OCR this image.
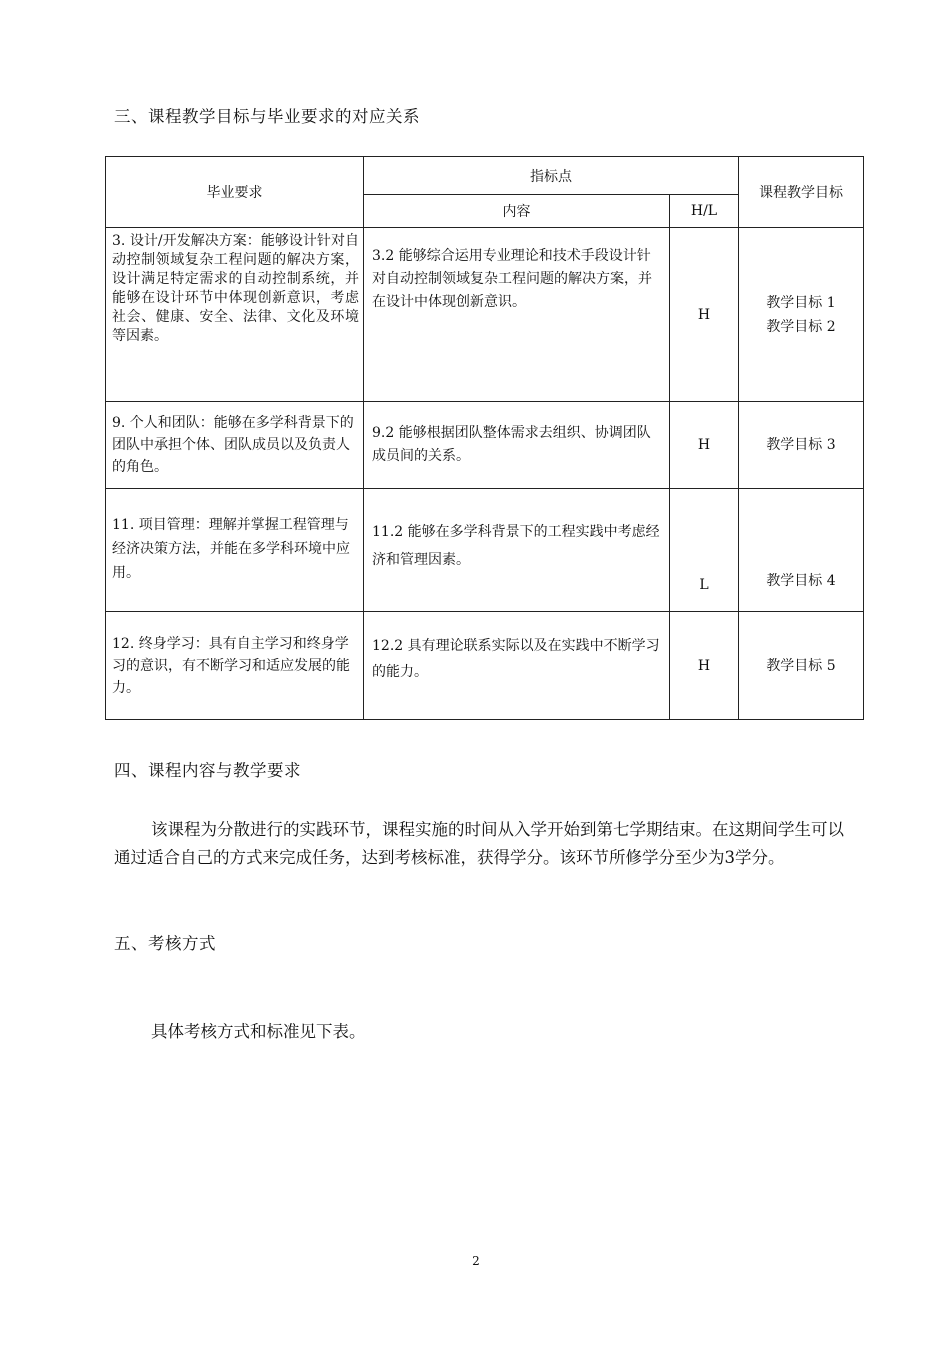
三、课程教学目标与毕业要求的对应关系
毕业要求	指标点		课程教学目标
	内容	H/L	
3. 设计/开发解决方案：能够设计针对自动控制领域复杂工程问题的解决方案，设计满足特定需求的自动控制系统，并能够在设计环节中体现创新意识，考虑社会、健康、安全、法律、文化及环境等因素。	3.2 能够综合运用专业理论和技术手段设计针对自动控制领域复杂工程问题的解决方案，并在设计中体现创新意识。	H	教学目标 1
教学目标 2

9. 个人和团队：能够在多学科背景下的团队中承担个体、团队成员以及负责人的角色。	9.2 能够根据团队整体需求去组织、协调团队成员间的关系。	H	教学目标 3

11. 项目管理：理解并掌握工程管理与经济决策方法，并能在多学科环境中应用。	11.2 能够在多学科背景下的工程实践中考虑经济和管理因素。	L	教学目标 4

12. 终身学习：具有自主学习和终身学习的意识，有不断学习和适应发展的能力。	12.2 具有理论联系实际以及在实践中不断学习的能力。	H	教学目标 5
四、课程内容与教学要求
该课程为分散进行的实践环节，课程实施的时间从入学开始到第七学期结束。在这期间学生可以通过适合自己的方式来完成任务，达到考核标准，获得学分。该环节所修学分至少为3学分。
五、考核方式
具体考核方式和标准见下表。
2
